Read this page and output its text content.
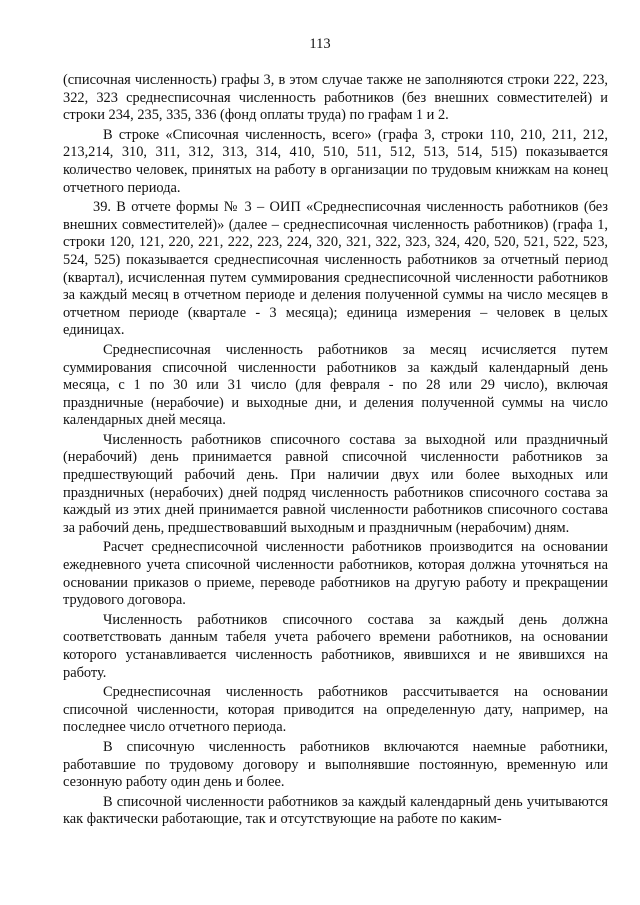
113

(списочная численность) графы 3, в этом случае также не заполняются строки 222, 223, 322, 323 среднесписочная численность работников (без внешних совместителей) и строки 234, 235, 335, 336 (фонд оплаты труда) по графам 1 и 2.

В строке «Списочная численность, всего» (графа 3, строки 110, 210, 211, 212, 213,214, 310, 311, 312, 313, 314, 410, 510, 511, 512, 513, 514, 515) показывается количество человек, принятых на работу в организации по трудовым книжкам на конец отчетного периода.

39. В отчете формы № 3 – ОИП «Среднесписочная численность работников (без внешних совместителей)» (далее – среднесписочная численность работников) (графа 1, строки 120, 121, 220, 221, 222, 223, 224, 320, 321, 322, 323, 324, 420, 520, 521, 522, 523, 524, 525) показывается среднесписочная численность работников за отчетный период (квартал), исчисленная путем суммирования среднесписочной численности работников за каждый месяц в отчетном периоде и деления полученной суммы на число месяцев в отчетном периоде (квартале - 3 месяца); единица измерения – человек в целых единицах.

Среднесписочная численность работников за месяц исчисляется путем суммирования списочной численности работников за каждый календарный день месяца, с 1 по 30 или 31 число (для февраля - по 28 или 29 число), включая праздничные (нерабочие) и выходные дни, и деления полученной суммы на число календарных дней месяца.

Численность работников списочного состава за выходной или праздничный (нерабочий) день принимается равной списочной численности работников за предшествующий рабочий день. При наличии двух или более выходных или праздничных (нерабочих) дней подряд численность работников списочного состава за каждый из этих дней принимается равной численности работников списочного состава за рабочий день, предшествовавший выходным и праздничным (нерабочим) дням.

Расчет среднесписочной численности работников производится на основании ежедневного учета списочной численности работников, которая должна уточняться на основании приказов о приеме, переводе работников на другую работу и прекращении трудового договора.

Численность работников списочного состава за каждый день должна соответствовать данным табеля учета рабочего времени работников, на основании которого устанавливается численность работников, явившихся и не явившихся на работу.

Среднесписочная численность работников рассчитывается на основании списочной численности, которая приводится на определенную дату, например, на последнее число отчетного периода.

В списочную численность работников включаются наемные работники, работавшие по трудовому договору и выполнявшие постоянную, временную или сезонную работу один день и более.

В списочной численности работников за каждый календарный день учитываются как фактически работающие, так и отсутствующие на работе по каким-
